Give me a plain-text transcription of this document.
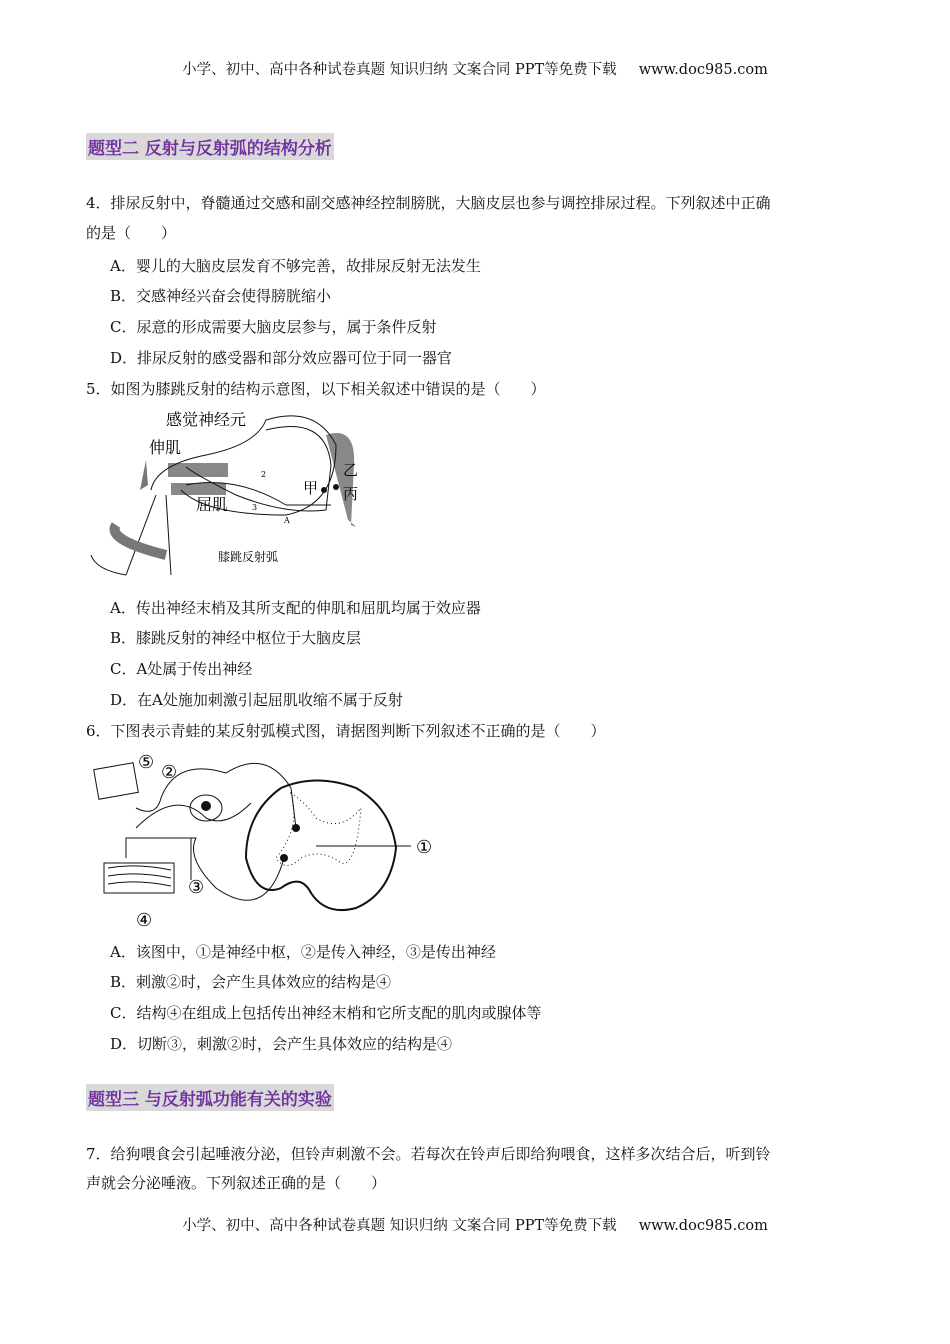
小学、初中、高中各种试卷真题 知识归纳 文案合同 PPT等免费下载 www.doc985.com
题型二 反射与反射弧的结构分析
4．排尿反射中，脊髓通过交感和副交感神经控制膀胱，大脑皮层也参与调控排尿过程。下列叙述中正确
的是（　　）
A．婴儿的大脑皮层发育不够完善，故排尿反射无法发生
B．交感神经兴奋会使得膀胱缩小
C．尿意的形成需要大脑皮层参与，属于条件反射
D．排尿反射的感受器和部分效应器可位于同一器官
5．如图为膝跳反射的结构示意图，以下相关叙述中错误的是（　　）
感觉神经元
伸肌
屈肌
甲
乙
丙
2
3
A
膝跳反射弧
A．传出神经末梢及其所支配的伸肌和屈肌均属于效应器
B．膝跳反射的神经中枢位于大脑皮层
C．A处属于传出神经
D．在A处施加刺激引起屈肌收缩不属于反射
6．下图表示青蛙的某反射弧模式图，请据图判断下列叙述不正确的是（　　）
①
②
③
④
⑤
A．该图中，①是神经中枢，②是传入神经，③是传出神经
B．刺激②时，会产生具体效应的结构是④
C．结构④在组成上包括传出神经末梢和它所支配的肌肉或腺体等
D．切断③，刺激②时，会产生具体效应的结构是④
题型三 与反射弧功能有关的实验
7．给狗喂食会引起唾液分泌，但铃声刺激不会。若每次在铃声后即给狗喂食，这样多次结合后，听到铃
声就会分泌唾液。下列叙述正确的是（　　）
小学、初中、高中各种试卷真题 知识归纳 文案合同 PPT等免费下载 www.doc985.com
